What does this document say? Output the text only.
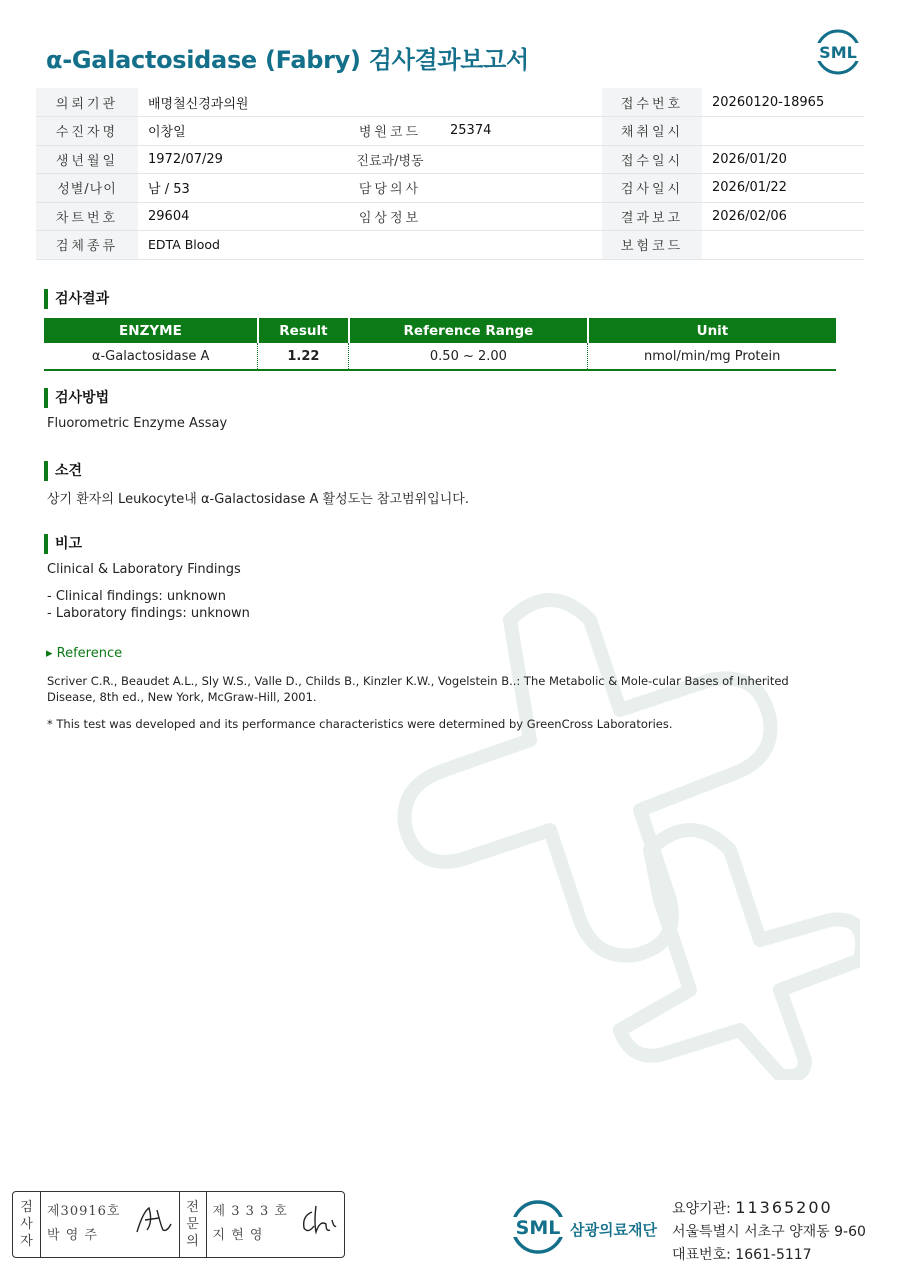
α-Galactosidase (Fabry) 검사결과보고서	SML
의뢰기관	배명철신경과의원			접수번호	20260120-18965
수진자명	이창일	병원코드	25374	채취일시	
생년월일	1972/07/29	진료과/병동		접수일시	2026/01/20
성별/나이	남 / 53	담당의사		검사일시	2026/01/22
차트번호	29604	임상정보		결과보고	2026/02/06
검체종류	EDTA Blood			보험코드	
검사결과
ENZYME	Result	Reference Range	Unit
α-Galactosidase A	1.22	0.50 ~ 2.00	nmol/min/mg Protein
검사방법
Fluorometric Enzyme Assay
소견
상기 환자의 Leukocyte내 α-Galactosidase A 활성도는 참고범위입니다.
비고
Clinical & Laboratory Findings
- Clinical findings: unknown
- Laboratory findings: unknown
▸ Reference
Scriver C.R., Beaudet A.L., Sly W.S., Valle D., Childs B., Kinzler K.W., Vogelstein B..: The Metabolic & Mole-cular Bases of Inherited Disease, 8th ed., New York, McGraw-Hill, 2001.
* This test was developed and its performance characteristics were determined by GreenCross Laboratories.
검
사
자
제30916호
박 영 주
전
문
의
제 3 3 3 호
지 현 영	SML 삼광의료재단
요양기관: 11365200
서울특별시 서초구 양재동 9-60
대표번호: 1661-5117
